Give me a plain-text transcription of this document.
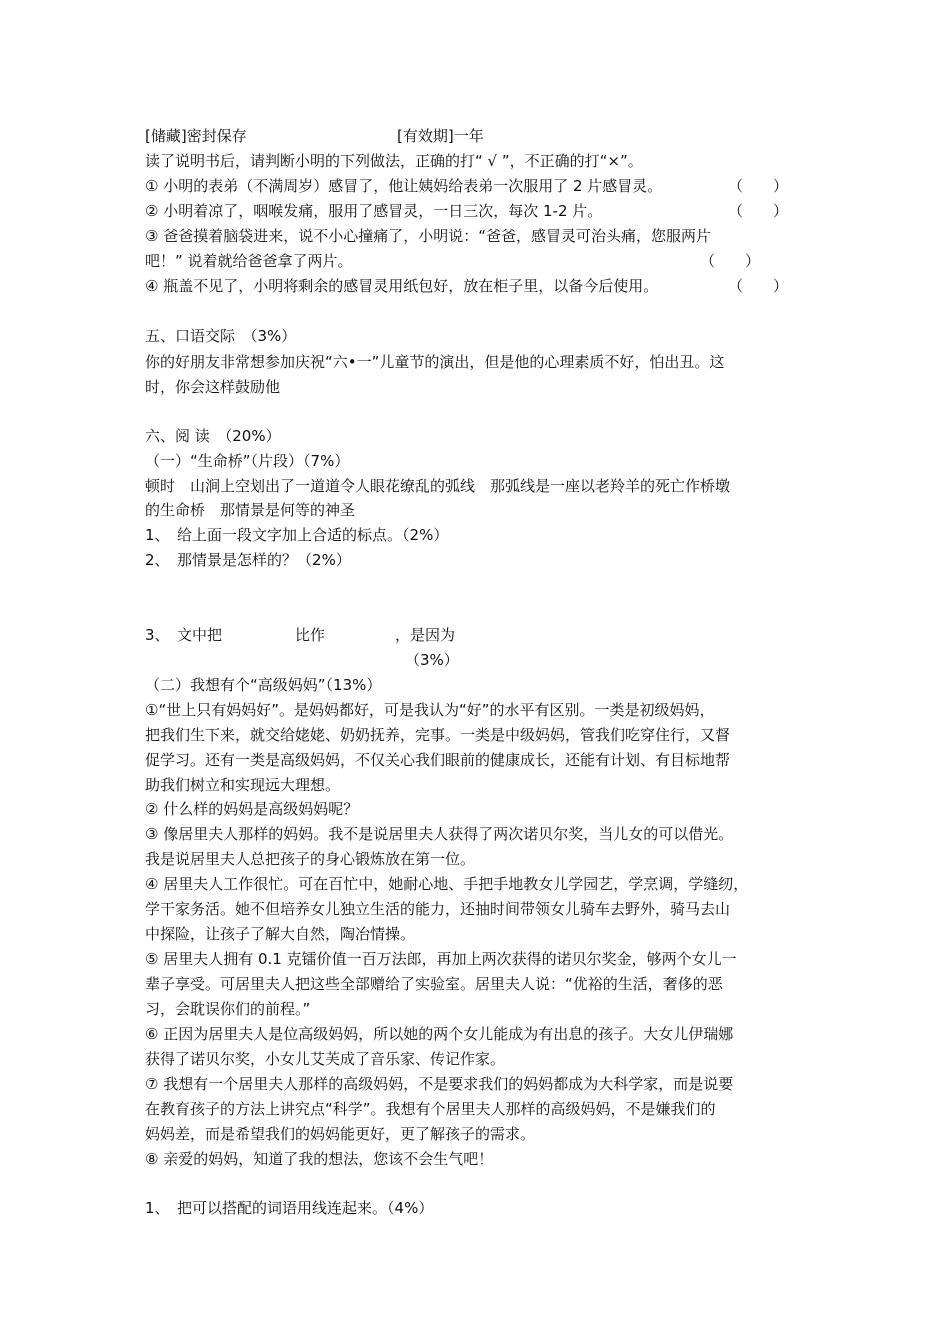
[储藏]密封保存	[有效期]一年
读了说明书后，请判断小明的下列做法，正确的打“ √ ”，不正确的打“×”。
① 小明的表弟（不满周岁）感冒了，他让姨妈给表弟一次服用了 2 片感冒灵。	（　　）
② 小明着凉了，咽喉发痛，服用了感冒灵，一日三次，每次 1-2 片。	（　　）
③ 爸爸摸着脑袋进来，说不小心撞痛了，小明说：“爸爸，感冒灵可治头痛，您服两片
吧！” 说着就给爸爸拿了两片。	（　　）
④ 瓶盖不见了，小明将剩余的感冒灵用纸包好，放在柜子里，以备今后使用。	（　　）
五、口语交际　（3%）
你的好朋友非常想参加庆祝“六•一”儿童节的演出，但是他的心理素质不好，怕出丑。这
时，你会这样鼓励他
六、阅 读　（20%）
（一）“生命桥”（片段）（7%）
顿时　山涧上空划出了一道道令人眼花缭乱的弧线　那弧线是一座以老羚羊的死亡作桥墩
的生命桥　那情景是何等的神圣
1、　给上面一段文字加上合适的标点。（2%）
2、　那情景是怎样的？（2%）
3、　文中把	比作	，是因为
（3%）
（二）我想有个“高级妈妈”（13%）
①“世上只有妈妈好”。是妈妈都好，可是我认为“好”的水平有区别。一类是初级妈妈，
把我们生下来，就交给姥姥、奶奶抚养，完事。一类是中级妈妈，管我们吃穿住行，又督
促学习。还有一类是高级妈妈，不仅关心我们眼前的健康成长，还能有计划、有目标地帮
助我们树立和实现远大理想。
② 什么样的妈妈是高级妈妈呢？
③ 像居里夫人那样的妈妈。我不是说居里夫人获得了两次诺贝尔奖，当儿女的可以借光。
我是说居里夫人总把孩子的身心锻炼放在第一位。
④ 居里夫人工作很忙。可在百忙中，她耐心地、手把手地教女儿学园艺，学烹调，学缝纫，
学干家务活。她不但培养女儿独立生活的能力，还抽时间带领女儿骑车去野外，骑马去山
中探险，让孩子了解大自然，陶冶情操。
⑤ 居里夫人拥有 0.1 克镭价值一百万法郎，再加上两次获得的诺贝尔奖金，够两个女儿一
辈子享受。可居里夫人把这些全部赠给了实验室。居里夫人说：“优裕的生活，奢侈的恶
习，会耽误你们的前程。”
⑥ 正因为居里夫人是位高级妈妈，所以她的两个女儿能成为有出息的孩子。大女儿伊瑞娜
获得了诺贝尔奖，小女儿艾芙成了音乐家、传记作家。
⑦ 我想有一个居里夫人那样的高级妈妈，不是要求我们的妈妈都成为大科学家，而是说要
在教育孩子的方法上讲究点“科学”。我想有个居里夫人那样的高级妈妈，不是嫌我们的
妈妈差，而是希望我们的妈妈能更好，更了解孩子的需求。
⑧ 亲爱的妈妈，知道了我的想法，您该不会生气吧！
1、　把可以搭配的词语用线连起来。（4%）
